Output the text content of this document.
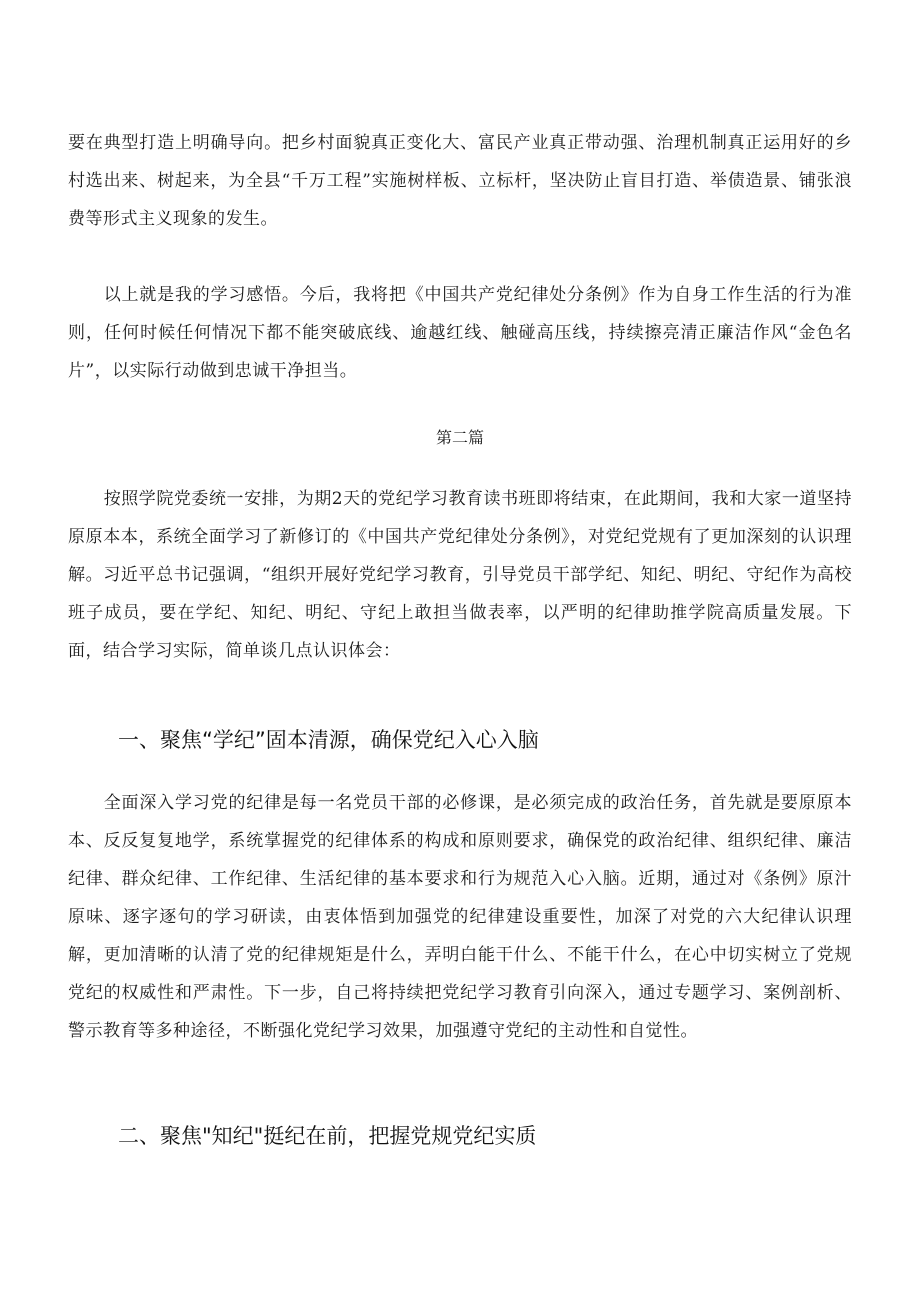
要在典型打造上明确导向。把乡村面貌真正变化大、富民产业真正带动强、治理机制真正运用好的乡村选出来、树起来，为全县“千万工程”实施树样板、立标杆，坚决防止盲目打造、举债造景、铺张浪费等形式主义现象的发生。

以上就是我的学习感悟。今后，我将把《中国共产党纪律处分条例》作为自身工作生活的行为准则，任何时候任何情况下都不能突破底线、逾越红线、触碰高压线，持续擦亮清正廉洁作风“金色名片”，以实际行动做到忠诚干净担当。

第二篇

按照学院党委统一安排，为期2天的党纪学习教育读书班即将结束，在此期间，我和大家一道坚持原原本本，系统全面学习了新修订的《中国共产党纪律处分条例》，对党纪党规有了更加深刻的认识理解。习近平总书记强调，“组织开展好党纪学习教育，引导党员干部学纪、知纪、明纪、守纪作为高校班子成员，要在学纪、知纪、明纪、守纪上敢担当做表率，以严明的纪律助推学院高质量发展。下面，结合学习实际，简单谈几点认识体会：

一、聚焦“学纪”固本清源，确保党纪入心入脑

全面深入学习党的纪律是每一名党员干部的必修课，是必须完成的政治任务，首先就是要原原本本、反反复复地学，系统掌握党的纪律体系的构成和原则要求，确保党的政治纪律、组织纪律、廉洁纪律、群众纪律、工作纪律、生活纪律的基本要求和行为规范入心入脑。近期，通过对《条例》原汁原味、逐字逐句的学习研读，由衷体悟到加强党的纪律建设重要性，加深了对党的六大纪律认识理解，更加清晰的认清了党的纪律规矩是什么，弄明白能干什么、不能干什么，在心中切实树立了党规党纪的权威性和严肃性。下一步，自己将持续把党纪学习教育引向深入，通过专题学习、案例剖析、警示教育等多种途径，不断强化党纪学习效果，加强遵守党纪的主动性和自觉性。

二、聚焦"知纪"挺纪在前，把握党规党纪实质
